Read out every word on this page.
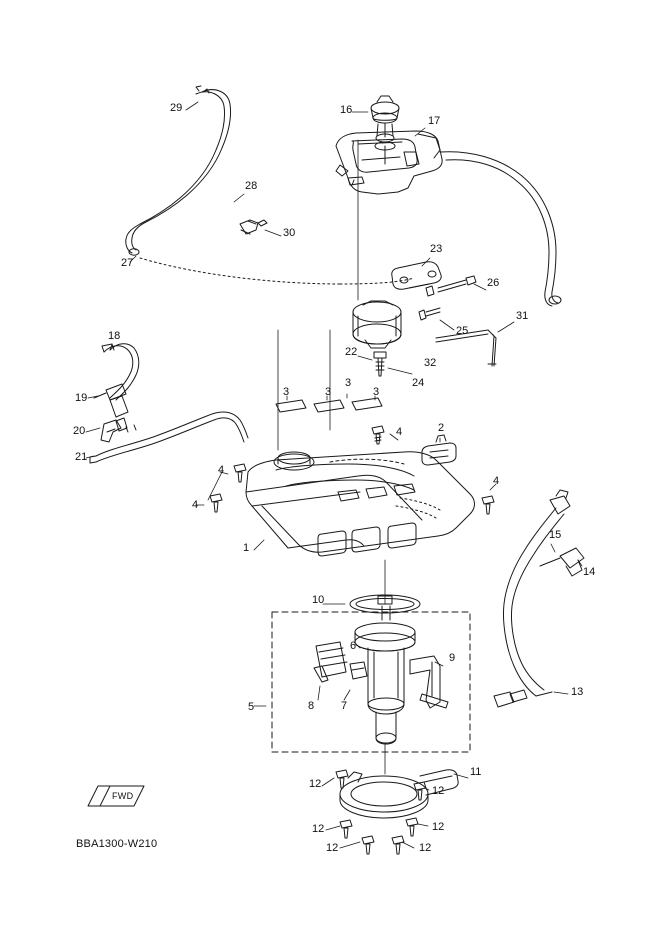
29	16
17
28
30
27
23
26
31
25
18
22
32
19
24
3	3
3
3
20	4	2
21
4
4
4
15
1
14
10
6
9
8 7
5
13
11
12
12
12	12
12	12
FWD
BBA1300-W210
